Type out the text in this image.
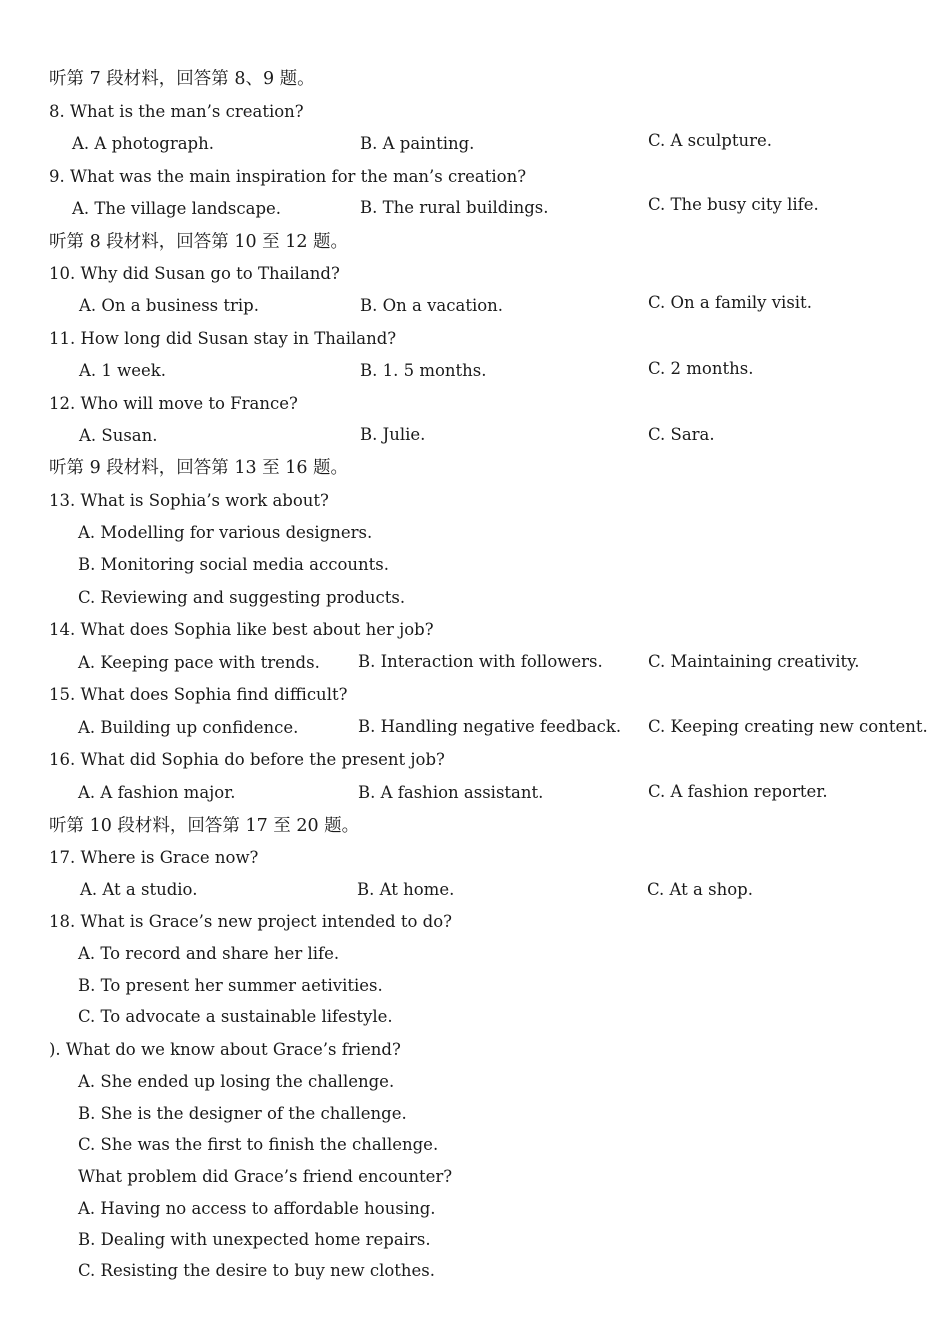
听第 7 段材料，回答第 8、9 题。
8. What is the man’s creation?
A. A photograph.	B. A painting.	C. A sculpture.
9. What was the main inspiration for the man’s creation?
A. The village landscape.	B. The rural buildings.	C. The busy city life.
听第 8 段材料，回答第 10 至 12 题。
10. Why did Susan go to Thailand?
A. On a business trip.	B. On a vacation.	C. On a family visit.
11. How long did Susan stay in Thailand?
A. 1 week.	B. 1. 5 months.	C. 2 months.
12. Who will move to France?
A. Susan.	B. Julie.	C. Sara.
听第 9 段材料，回答第 13 至 16 题。
13. What is Sophia’s work about?
A. Modelling for various designers.
B. Monitoring social media accounts.
C. Reviewing and suggesting products.
14. What does Sophia like best about her job?
A. Keeping pace with trends. B. Interaction with followers.	C. Maintaining creativity.
15. What does Sophia find difficult?
A. Building up confidence.	B. Handling negative feedback. C. Keeping creating new content.
16. What did Sophia do before the present job?
A. A fashion major.	B. A fashion assistant.	C. A fashion reporter.
听第 10 段材料，回答第 17 至 20 题。
17. Where is Grace now?
A. At a studio.	B. At home.	C. At a shop.
18. What is Grace’s new project intended to do?
A. To record and share her life.
B. To present her summer aetivities.
C. To advocate a sustainable lifestyle.
). What do we know about Grace’s friend?
A. She ended up losing the challenge.
B. She is the designer of the challenge.
C. She was the first to finish the challenge.
What problem did Grace’s friend encounter?
A. Having no access to affordable housing.
B. Dealing with unexpected home repairs.
C. Resisting the desire to buy new clothes.
